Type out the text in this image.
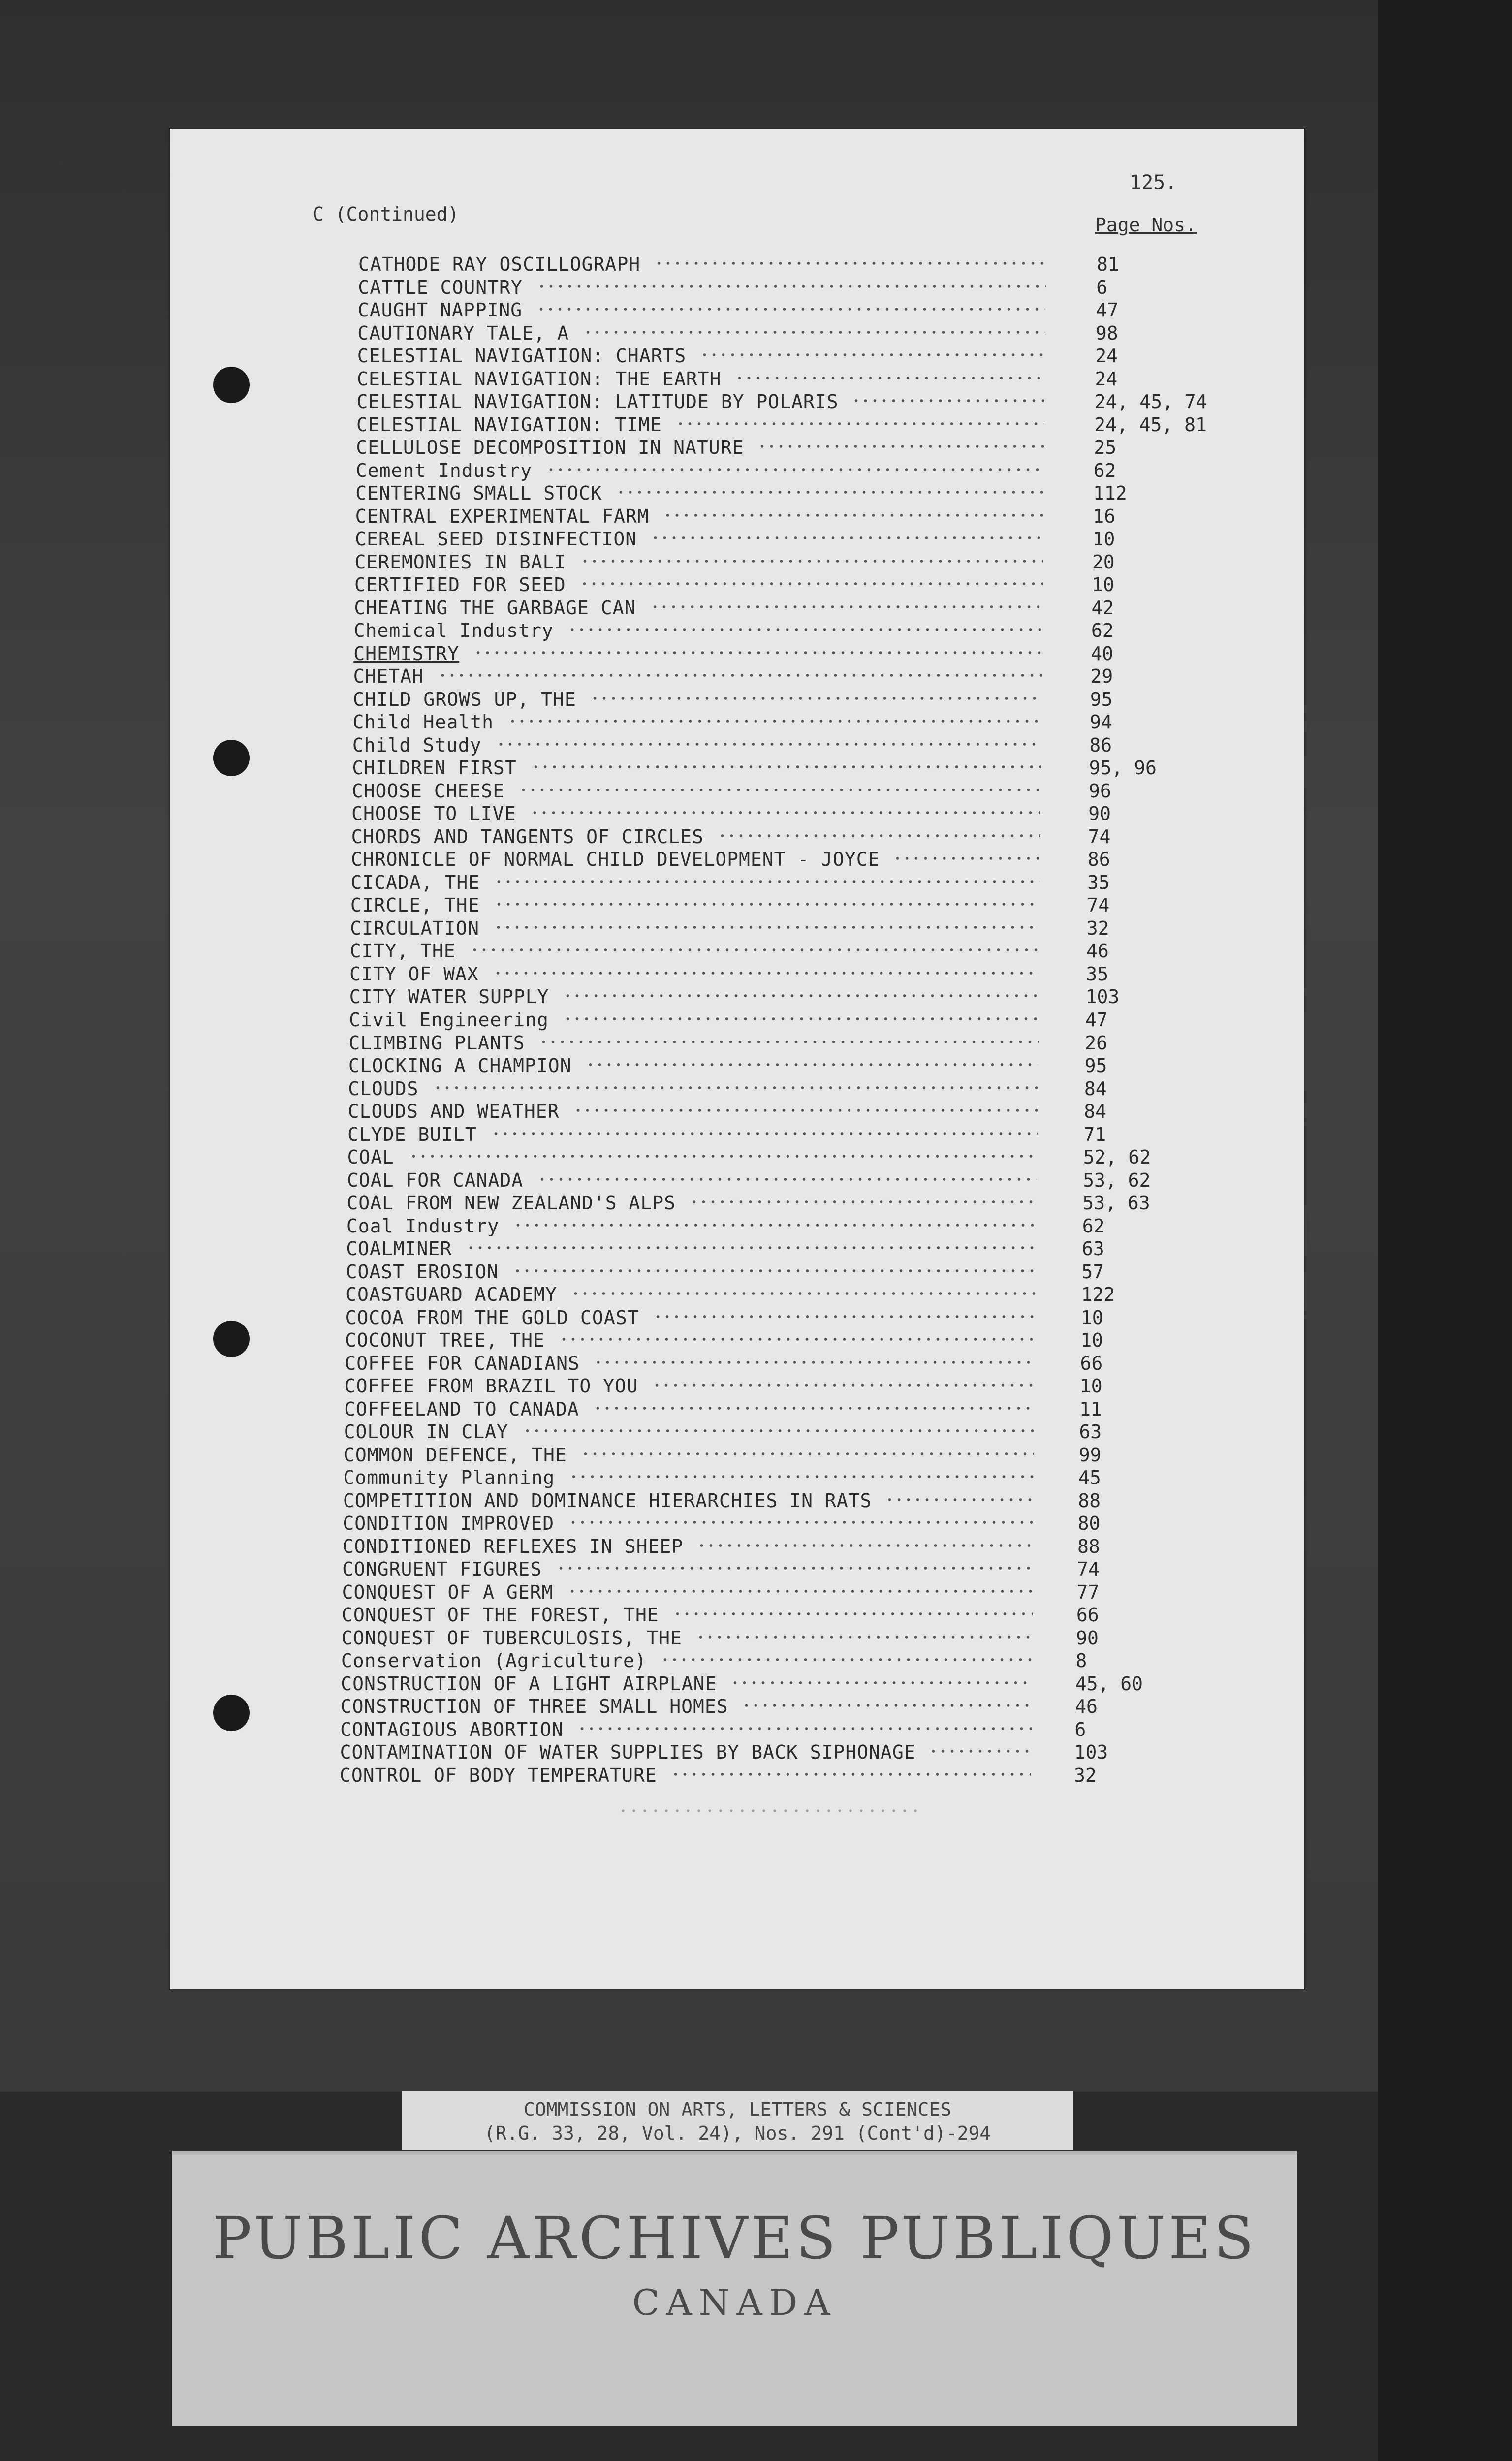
125.
C (Continued)	Page Nos.
CATHODE RAY OSCILLOGRAPH	81
CATTLE COUNTRY	6
CAUGHT NAPPING	47
CAUTIONARY TALE, A	98
CELESTIAL NAVIGATION: CHARTS	24
CELESTIAL NAVIGATION: THE EARTH	24
CELESTIAL NAVIGATION: LATITUDE BY POLARIS	24, 45, 74
CELESTIAL NAVIGATION: TIME	24, 45, 81
CELLULOSE DECOMPOSITION IN NATURE	25
Cement Industry	62
CENTERING SMALL STOCK	112
CENTRAL EXPERIMENTAL FARM	16
CEREAL SEED DISINFECTION	10
CEREMONIES IN BALI	20
CERTIFIED FOR SEED	10
CHEATING THE GARBAGE CAN	42
Chemical Industry	62
CHEMISTRY	40
CHETAH	29
CHILD GROWS UP, THE	95
Child Health	94
Child Study	86
CHILDREN FIRST	95, 96
CHOOSE CHEESE	96
CHOOSE TO LIVE	90
CHORDS AND TANGENTS OF CIRCLES	74
CHRONICLE OF NORMAL CHILD DEVELOPMENT - JOYCE	86
CICADA, THE	35
CIRCLE, THE	74
CIRCULATION	32
CITY, THE	46
CITY OF WAX	35
CITY WATER SUPPLY	103
Civil Engineering	47
CLIMBING PLANTS	26
CLOCKING A CHAMPION	95
CLOUDS	84
CLOUDS AND WEATHER	84
CLYDE BUILT	71
COAL	52, 62
COAL FOR CANADA	53, 62
COAL FROM NEW ZEALAND'S ALPS	53, 63
Coal Industry	62
COALMINER	63
COAST EROSION	57
COASTGUARD ACADEMY	122
COCOA FROM THE GOLD COAST	10
COCONUT TREE, THE	10
COFFEE FOR CANADIANS	66
COFFEE FROM BRAZIL TO YOU	10
COFFEELAND TO CANADA	11
COLOUR IN CLAY	63
COMMON DEFENCE, THE	99
Community Planning	45
COMPETITION AND DOMINANCE HIERARCHIES IN RATS	88
CONDITION IMPROVED	80
CONDITIONED REFLEXES IN SHEEP	88
CONGRUENT FIGURES	74
CONQUEST OF A GERM	77
CONQUEST OF THE FOREST, THE	66
CONQUEST OF TUBERCULOSIS, THE	90
Conservation (Agriculture)	8
CONSTRUCTION OF A LIGHT AIRPLANE	45, 60
CONSTRUCTION OF THREE SMALL HOMES	46
CONTAGIOUS ABORTION	6
CONTAMINATION OF WATER SUPPLIES BY BACK SIPHONAGE	103
CONTROL OF BODY TEMPERATURE	32
COMMISSION ON ARTS, LETTERS & SCIENCES
(R.G. 33, 28, Vol. 24), Nos. 291 (Cont'd)-294
PUBLIC ARCHIVES PUBLIQUES
CANADA
